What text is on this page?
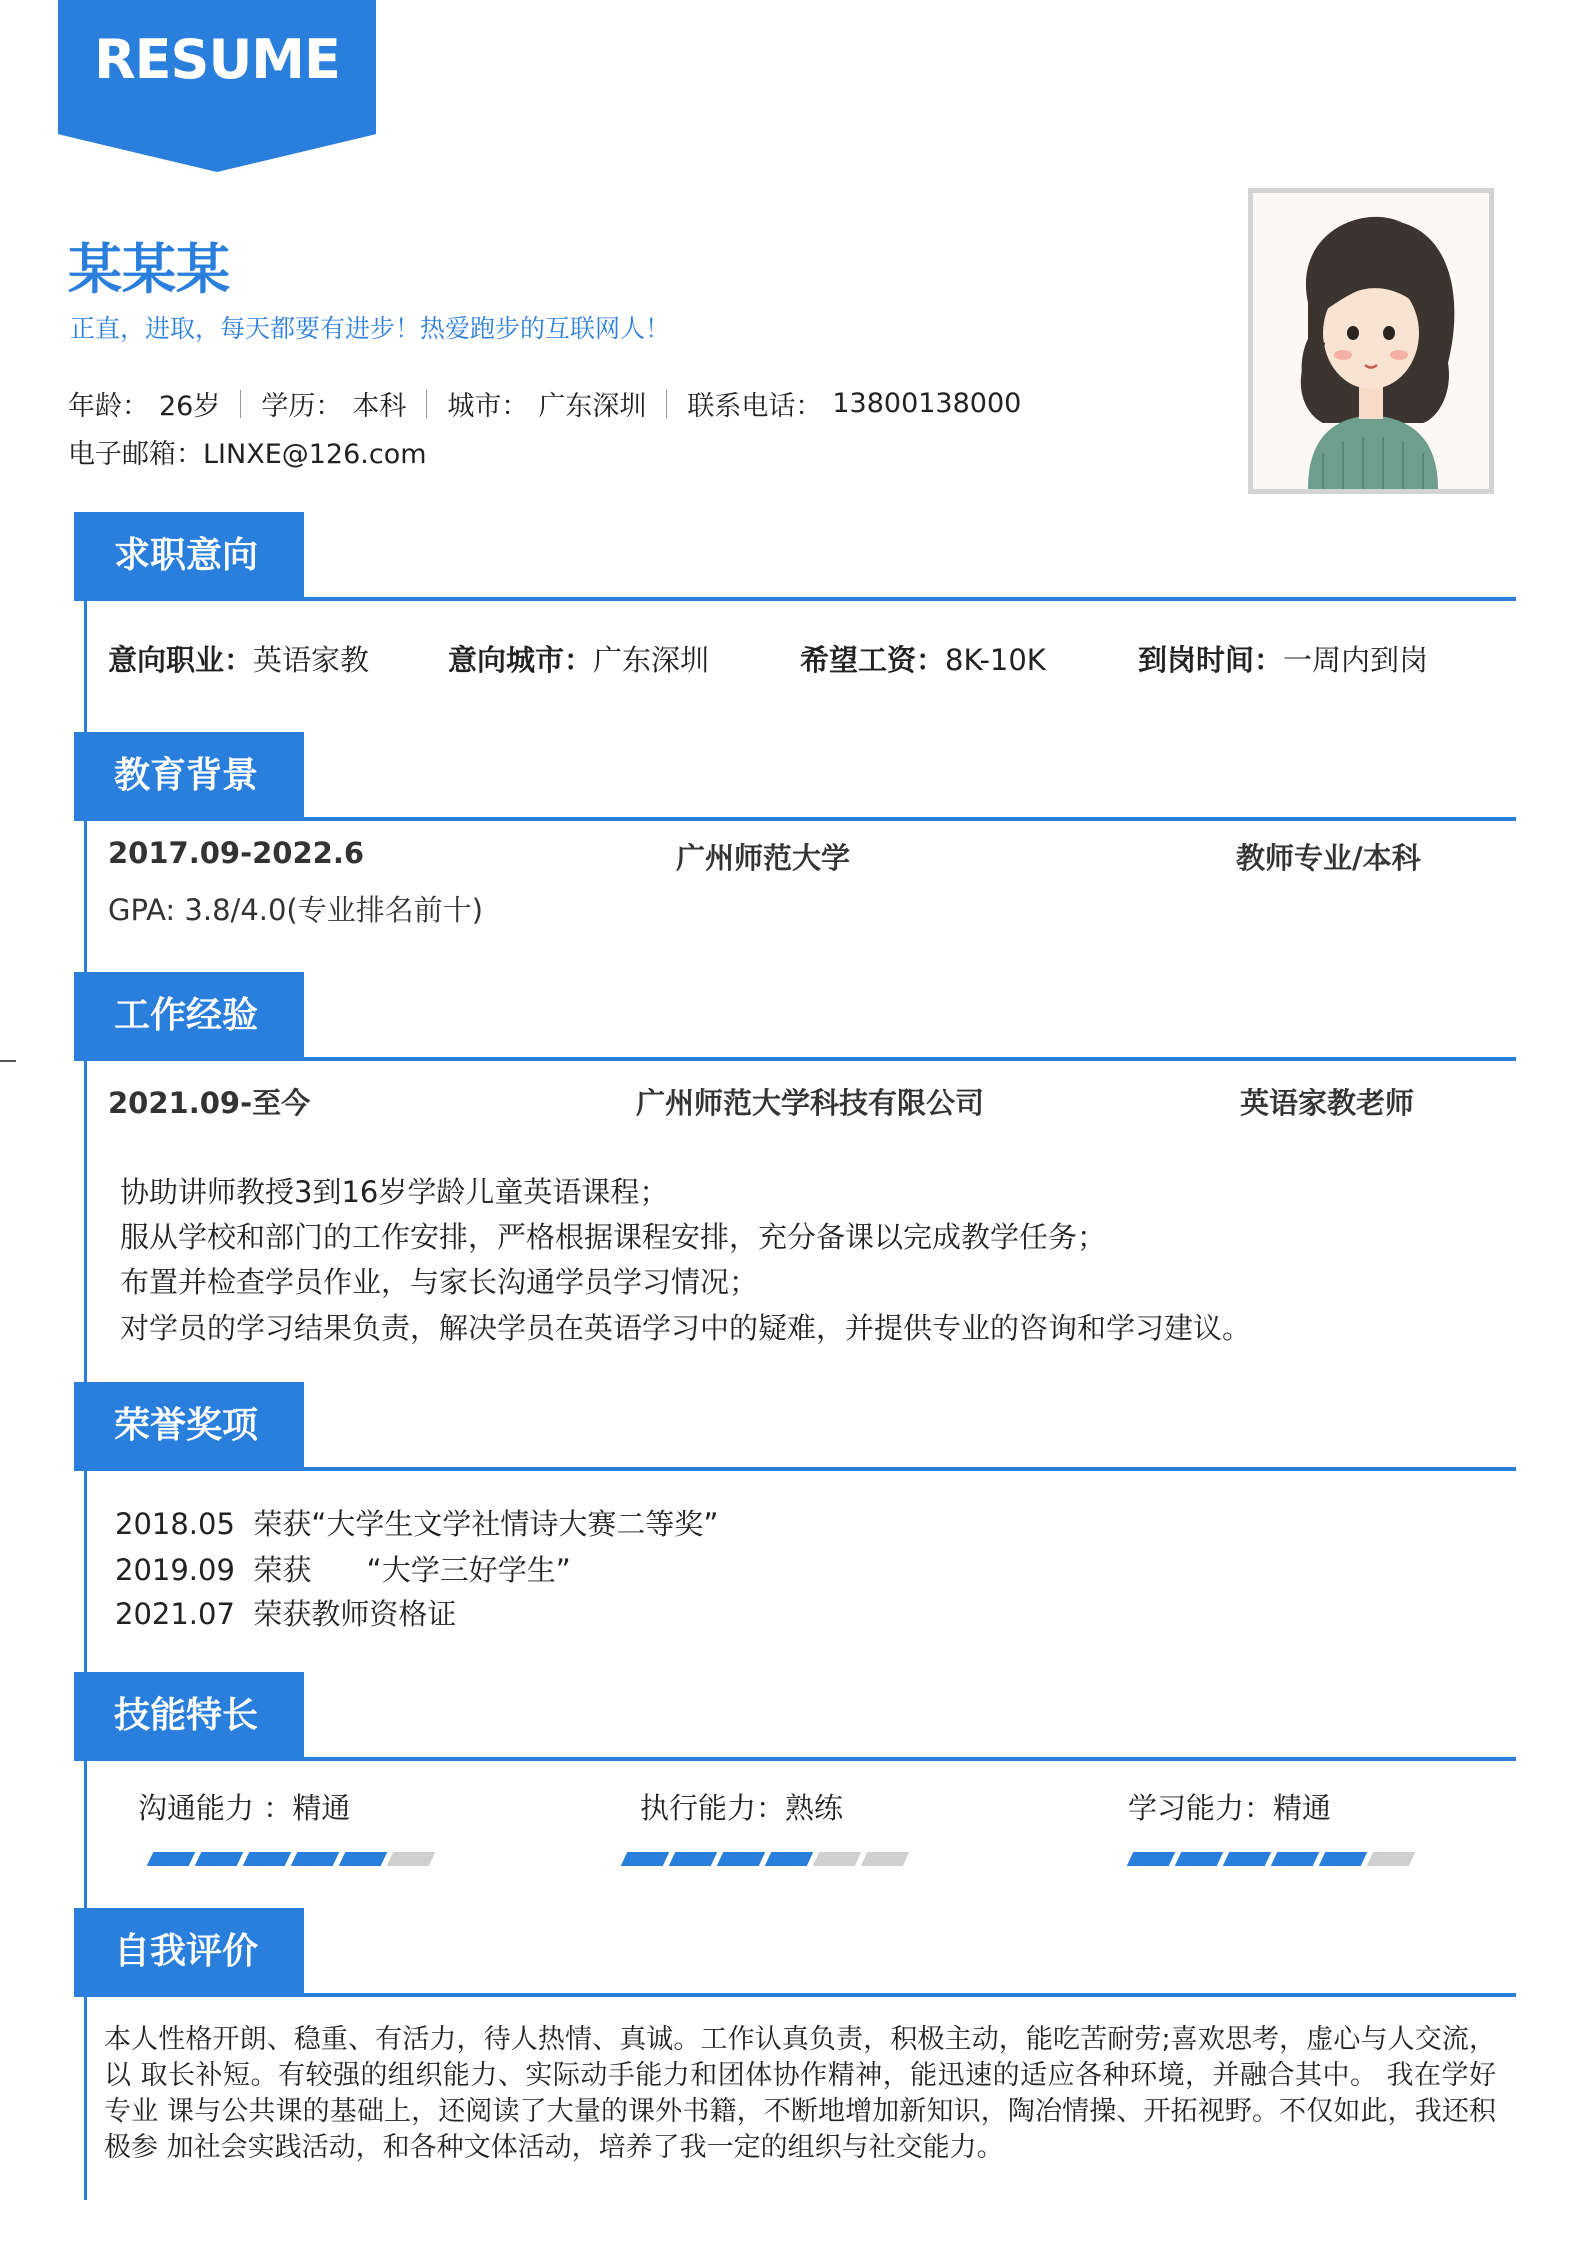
RESUME
某某某
正直，进取，每天都要有进步！热爱跑步的互联网人！
年龄： 26岁 学历： 本科 城市： 广东深圳 联系电话： 13800138000
电子邮箱：LINXE@126.com
求职意向
意向职业：英语家教	意向城市：广东深圳	希望工资：8K-10K	到岗时间：一周内到岗
教育背景
2017.09-2022.6	广州师范大学	教师专业/本科
GPA: 3.8/4.0(专业排名前十)
工作经验
2021.09-至今	广州师范大学科技有限公司	英语家教老师
协助讲师教授3到16岁学龄儿童英语课程；
服从学校和部门的工作安排，严格根据课程安排，充分备课以完成教学任务；
布置并检查学员作业，与家长沟通学员学习情况；
对学员的学习结果负责，解决学员在英语学习中的疑难，并提供专业的咨询和学习建议。
荣誉奖项
2018.05 荣获“大学生文学社情诗大赛二等奖”
2019.09 荣获      “大学三好学生”
2021.07 荣获教师资格证
技能特长
沟通能力 ：精通	执行能力：熟练	学习能力：精通
自我评价
本人性格开朗、稳重、有活力，待人热情、真诚。工作认真负责，积极主动，能吃苦耐劳;喜欢思考，虚心与人交流，以 取长补短。有较强的组织能力、实际动手能力和团体协作精神，能迅速的适应各种环境，并融合其中。 我在学好专业 课与公共课的基础上，还阅读了大量的课外书籍，不断地增加新知识，陶冶情操、开拓视野。不仅如此，我还积极参 加社会实践活动，和各种文体活动，培养了我一定的组织与社交能力。
